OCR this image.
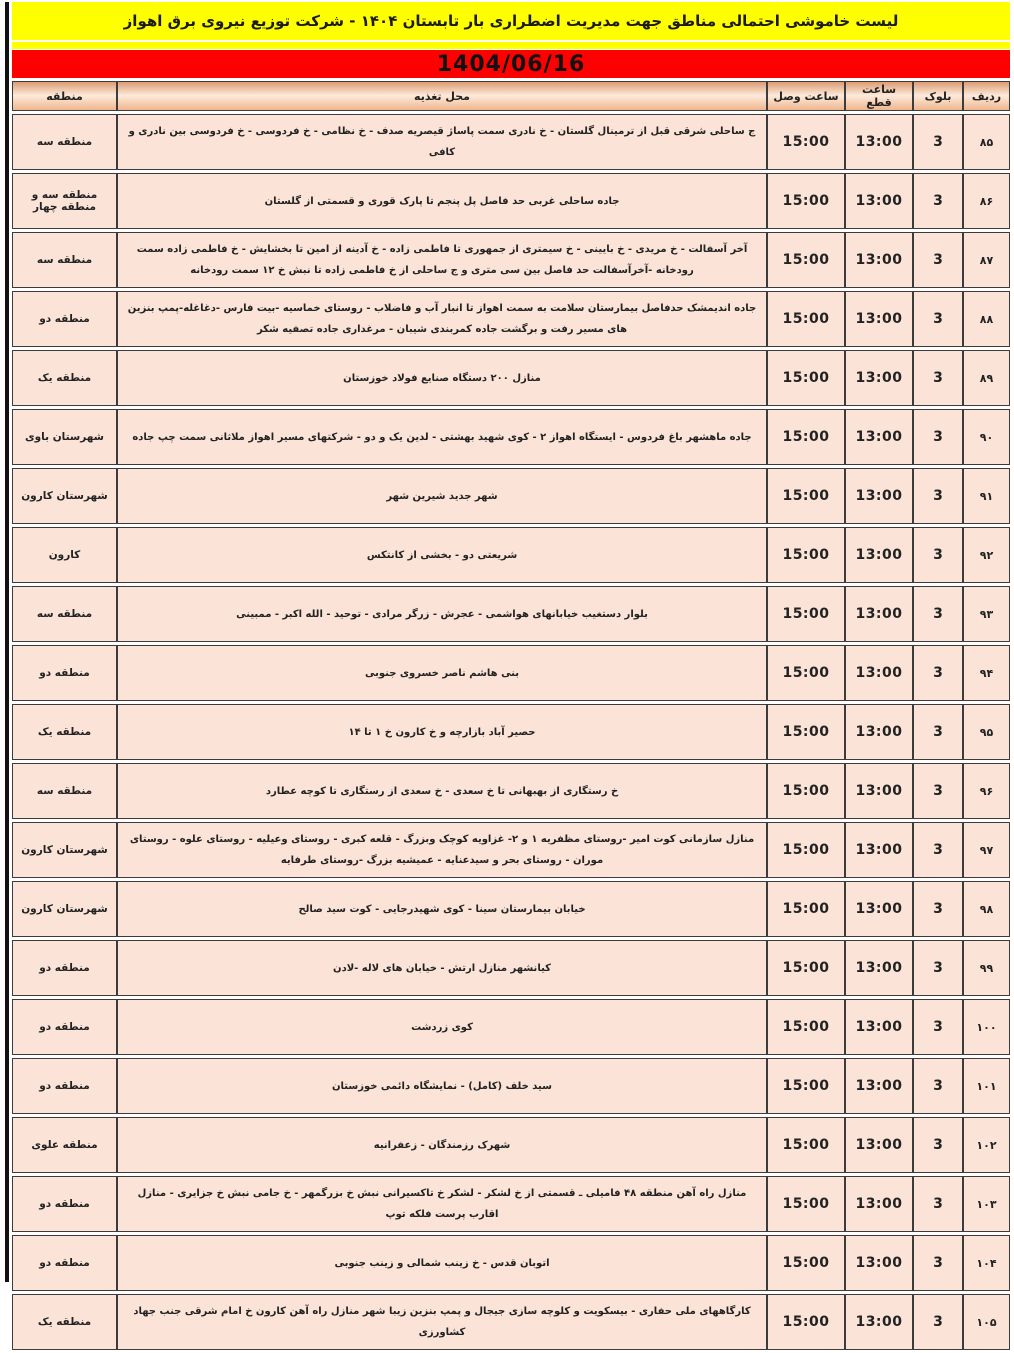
لیست خاموشی احتمالی مناطق جهت مدیریت اضطراری بار تابستان ۱۴۰۴ - شرکت توزیع نیروی برق اهواز
1404/06/16
ردیف	بلوک	ساعت قطع	ساعت وصل	محل تغذیه	منطقه
۸۵	3	13:00	15:00	ج ساحلی شرقی قبل از ترمینال گلستان - خ نادری سمت پاساژ قیصریه صدف - خ نظامی - خ فردوسی - خ فردوسی بین نادری و کافی	منطقه سه
۸۶	3	13:00	15:00	جاده ساحلی غربی حد فاصل پل پنجم تا پارک قوری و قسمتی از گلستان	منطقه سه و منطقه چهار
۸۷	3	13:00	15:00	آخر آسفالت - خ مریدی - خ بایینی - خ سیمتری از جمهوری تا فاطمی زاده - خ آدینه از امین تا بخشایش - خ فاطمی زاده سمت رودخانه -آخرآسفالت حد فاصل بین سی متری و ج ساحلی از خ فاطمی زاده تا نبش خ ۱۲ سمت رودخانه	منطقه سه
۸۸	3	13:00	15:00	جاده اندیمشک حدفاصل بیمارستان سلامت به سمت اهواز تا انبار آب و فاضلاب - روستای خماسیه -بیت فارس -دغاغله-پمپ بنزین های مسیر رفت و برگشت جاده کمربندی شیبان - مرغداری جاده تصفیه شکر	منطقه دو
۸۹	3	13:00	15:00	منازل ۲۰۰ دستگاه صنایع فولاد خوزستان	منطقه یک
۹۰	3	13:00	15:00	جاده ماهشهر باغ فردوس - ایستگاه اهواز ۲ - کوی شهید بهشتی - لدین یک و دو - شرکتهای مسیر اهواز ملاثانی سمت چپ جاده	شهرستان باوی
۹۱	3	13:00	15:00	شهر جدید شیرین شهر	شهرستان کارون
۹۲	3	13:00	15:00	شریعتی دو - بخشی از کانتکس	کارون
۹۳	3	13:00	15:00	بلوار دستغیب خیابانهای هواشمی - عجرش - زرگر مرادی - توحید - الله اکبر - ممبینی	منطقه سه
۹۴	3	13:00	15:00	بنی هاشم ناصر خسروی جنوبی	منطقه دو
۹۵	3	13:00	15:00	حصیر آباد بازارچه و خ کارون خ ۱ تا ۱۴	منطقه یک
۹۶	3	13:00	15:00	خ رستگاری از بهبهانی تا خ سعدی - خ سعدی از رستگاری تا کوچه عطارد	منطقه سه
۹۷	3	13:00	15:00	منازل سازمانی کوت امیر -روستای مظفریه ۱ و ۲- غزاویه کوچک وبزرگ - قلعه کبری - روستای وعیلیه - روستای علوه - روستای موران - روستای بحر و سیدعنایه - عمیشیه بزرگ -روستای طرفایه	شهرستان کارون
۹۸	3	13:00	15:00	خیابان بیمارستان سینا - کوی شهیدرجایی - کوت سید صالح	شهرستان کارون
۹۹	3	13:00	15:00	کیانشهر منازل ارتش - خیابان های لاله -لادن	منطقه دو
۱۰۰	3	13:00	15:00	کوی زردشت	منطقه دو
۱۰۱	3	13:00	15:00	سید خلف (کامل) - نمایشگاه دائمی خوزستان	منطقه دو
۱۰۲	3	13:00	15:00	شهرک رزمندگان - زعفرانیه	منطقه علوی
۱۰۳	3	13:00	15:00	منازل راه آهن منطقه ۴۸ فامیلی ـ قسمتی از خ لشکر - لشکر خ تاکسیرانی نبش خ بزرگمهر - خ جامی نبش خ جزایری - منازل اقارب پرست فلکه توپ	منطقه دو
۱۰۴	3	13:00	15:00	اتوبان قدس - خ زینب شمالی و زینب جنوبی	منطقه دو
۱۰۵	3	13:00	15:00	کارگاههای ملی حفاری - بیسکویت و کلوچه سازی جیجال و پمپ بنزین زیبا شهر منازل راه آهن کارون خ امام شرقی جنب جهاد کشاورزی	منطقه یک
